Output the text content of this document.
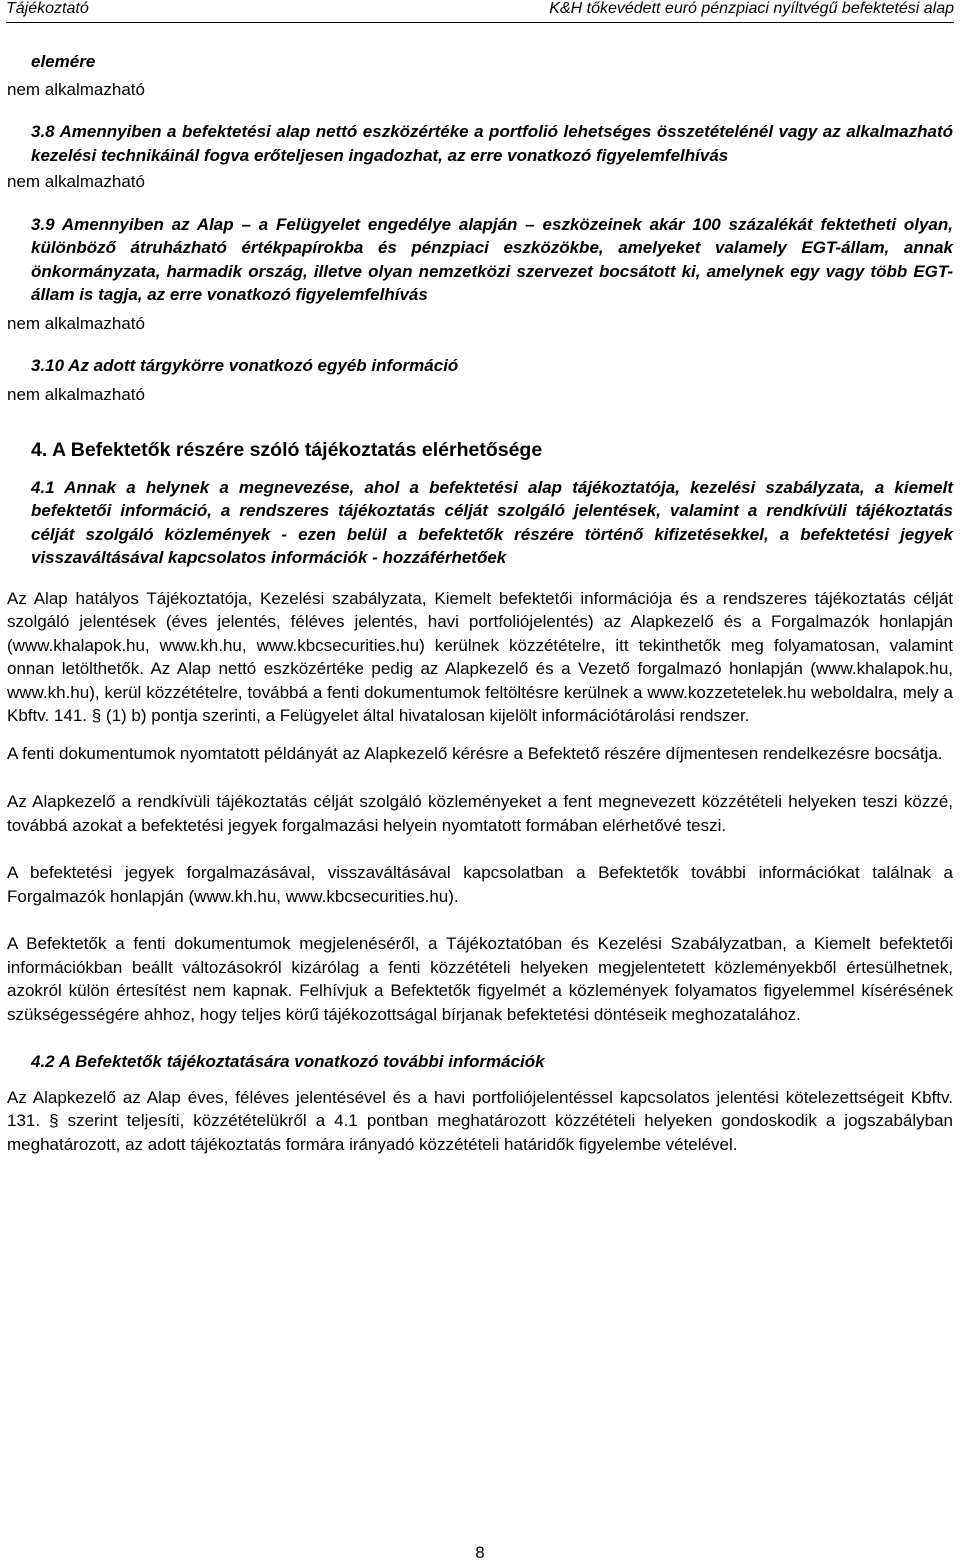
Tájékoztató	K&H tőkevédett euró pénzpiaci nyíltvégű befektetési alap

elemére

nem alkalmazható

3.8 Amennyiben a befektetési alap nettó eszközértéke a portfolió lehetséges összetételénél vagy az alkalmazható kezelési technikáinál fogva erőteljesen ingadozhat, az erre vonatkozó figyelemfelhívás

nem alkalmazható

3.9 Amennyiben az Alap – a Felügyelet engedélye alapján – eszközeinek akár 100 százalékát fektetheti olyan, különböző átruházható értékpapírokba és pénzpiaci eszközökbe, amelyeket valamely EGT-állam, annak önkormányzata, harmadik ország, illetve olyan nemzetközi szervezet bocsátott ki, amelynek egy vagy több EGT-állam is tagja, az erre vonatkozó figyelemfelhívás

nem alkalmazható

3.10 Az adott tárgykörre vonatkozó egyéb információ

nem alkalmazható

4. A Befektetők részére szóló tájékoztatás elérhetősége

4.1 Annak a helynek a megnevezése, ahol a befektetési alap tájékoztatója, kezelési szabályzata, a kiemelt befektetői információ, a rendszeres tájékoztatás célját szolgáló jelentések, valamint a rendkívüli tájékoztatás célját szolgáló közlemények - ezen belül a befektetők részére történő kifizetésekkel, a befektetési jegyek visszaváltásával kapcsolatos információk - hozzáférhetőek

Az Alap hatályos Tájékoztatója, Kezelési szabályzata, Kiemelt befektetői információja és a rendszeres tájékoztatás célját szolgáló jelentések (éves jelentés, féléves jelentés, havi portfoliójelentés) az Alapkezelő és a Forgalmazók honlapján (www.khalapok.hu, www.kh.hu, www.kbcsecurities.hu) kerülnek közzétételre, itt tekinthetők meg folyamatosan, valamint onnan letölthetők. Az Alap nettó eszközértéke pedig az Alapkezelő és a Vezető forgalmazó honlapján (www.khalapok.hu, www.kh.hu), kerül közzétételre, továbbá a fenti dokumentumok feltöltésre kerülnek a www.kozzetetelek.hu weboldalra, mely a Kbftv. 141. § (1) b) pontja szerinti, a Felügyelet által hivatalosan kijelölt információtárolási rendszer.

A fenti dokumentumok nyomtatott példányát az Alapkezelő kérésre a Befektető részére díjmentesen rendelkezésre bocsátja.

Az Alapkezelő a rendkívüli tájékoztatás célját szolgáló közleményeket a fent megnevezett közzétételi helyeken teszi közzé, továbbá azokat a befektetési jegyek forgalmazási helyein nyomtatott formában elérhetővé teszi.

A befektetési jegyek forgalmazásával, visszaváltásával kapcsolatban a Befektetők további információkat találnak a Forgalmazók honlapján (www.kh.hu, www.kbcsecurities.hu).

A Befektetők a fenti dokumentumok megjelenéséről, a Tájékoztatóban és Kezelési Szabályzatban, a Kiemelt befektetői információkban beállt változásokról kizárólag a fenti közzétételi helyeken megjelentetett közleményekből értesülhetnek, azokról külön értesítést nem kapnak. Felhívjuk a Befektetők figyelmét a közlemények folyamatos figyelemmel kísérésének szükségességére ahhoz, hogy teljes körű tájékozottságal bírjanak befektetési döntéseik meghozatalához.

4.2 A Befektetők tájékoztatására vonatkozó további információk

Az Alapkezelő az Alap éves, féléves jelentésével és a havi portfoliójelentéssel kapcsolatos jelentési kötelezettségeit Kbftv. 131. § szerint teljesíti, közzétételükről a 4.1 pontban meghatározott közzétételi helyeken gondoskodik a jogszabályban meghatározott, az adott tájékoztatás formára irányadó közzétételi határidők figyelembe vételével.

8
